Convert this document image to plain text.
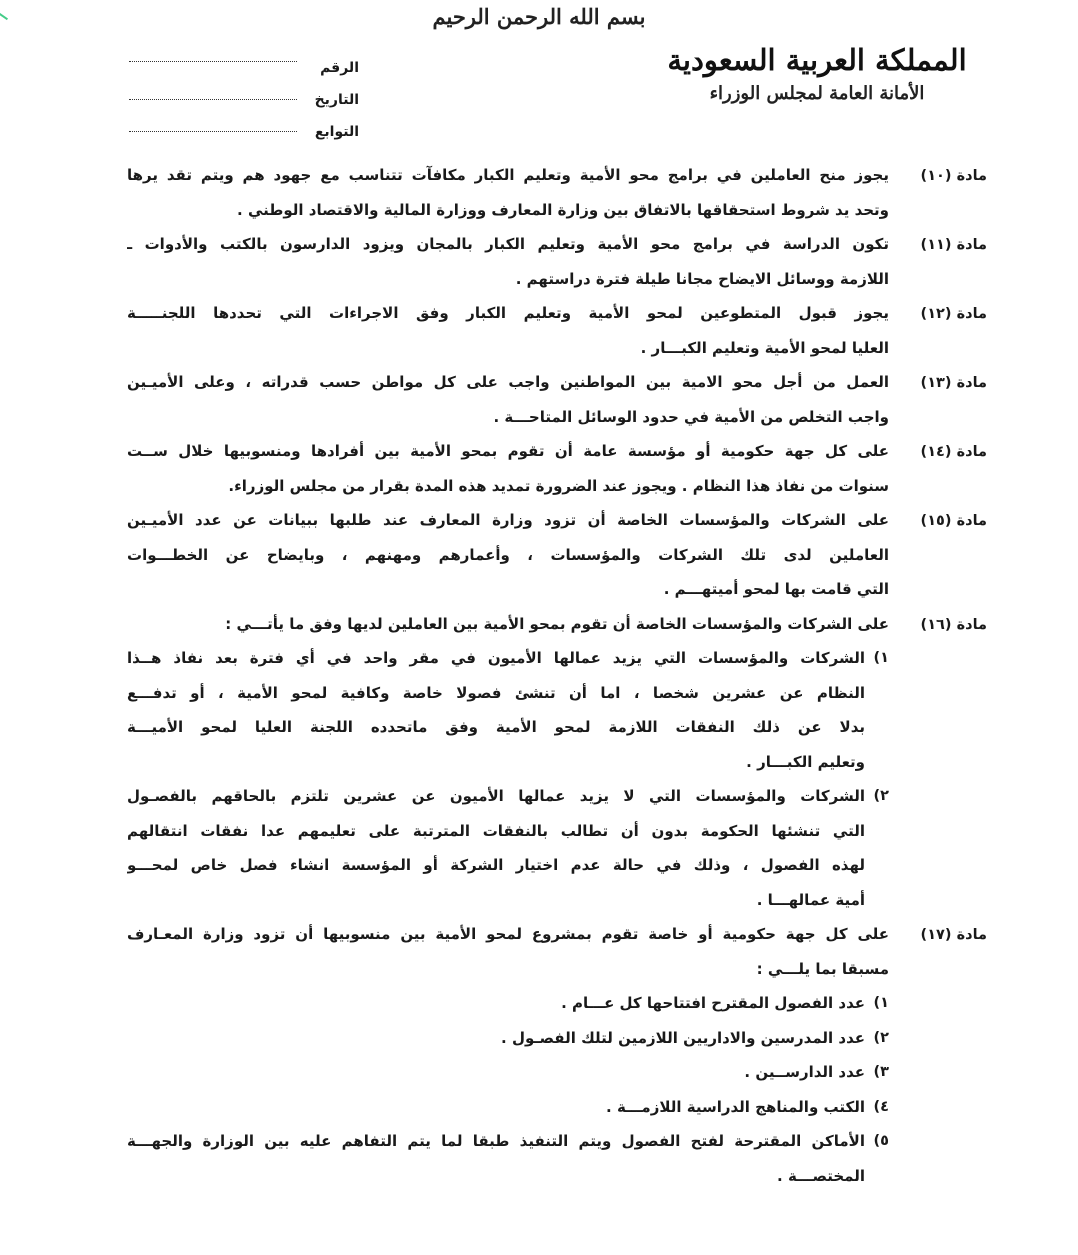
بسم الله الرحمن الرحيم
المملكة العربية السعودية
الأمانة العامة لمجلس الوزراء
الرقم
التاريخ
التوابع
مادة (١٠)
يجوز منح العاملين في برامج محو الأمية وتعليم الكبار مكافآت تتناسب مع جهود هم ويتم تقد يرها
وتحد يد شروط استحقاقها بالاتفاق بين وزارة المعارف ووزارة المالية والاقتصاد الوطني .
مادة (١١)
تكون الدراسة في برامج محو الأمية وتعليم الكبار بالمجان ويزود الدارسون بالكتب والأدوات ـ
اللازمة ووسائل الايضاح مجانا طيلة فترة دراستهم .
مادة (١٢)
يجوز قبول المتطوعين لمحو الأمية وتعليم الكبار وفق الاجراءات التي تحددها اللجنـــــة
العليا لمحو الأمية وتعليم الكبـــار .
مادة (١٣)
العمل من أجل محو الامية بين المواطنين واجب على كل مواطن حسب قدراته ، وعلى الأميـين
واجب التخلص من الأمية في حدود الوسائل المتاحـــة .
مادة (١٤)
على كل جهة حكومية أو مؤسسة عامة أن تقوم بمحو الأمية بين أفرادها ومنسوبيها خلال ســت
سنوات من نفاذ هذا النظام . ويجوز عند الضرورة تمديد هذه المدة بقرار من مجلس الوزراء.
مادة (١٥)
على الشركات والمؤسسات الخاصة أن تزود وزارة المعارف عند طلبها ببيانات عن عدد الأميـين
العاملين لدى تلك الشركات والمؤسسات ، وأعمارهم ومهنهم ، وبايضاح عن الخطـــوات
التي قامت بها لمحو أميتهـــم .
مادة (١٦)
على الشركات والمؤسسات الخاصة أن تقوم بمحو الأمية بين العاملين لديها وفق ما يأتـــي :
١)
الشركات والمؤسسات التي يزيد عمالها الأميون في مقر واحد في أي فترة بعد نفاذ هــذا
النظام عن عشرين شخصا ، اما أن تنشئ فصولا خاصة وكافية لمحو الأمية ، أو تدفـــع
بدلا عن ذلك النفقات اللازمة لمحو الأمية وفق ماتحدده اللجنة العليا لمحو الأميـــة
وتعليم الكبـــار .
٢)
الشركات والمؤسسات التي لا يزيد عمالها الأميون عن عشرين تلتزم بالحاقهم بالفصـول
التي تنشئها الحكومة بدون أن تطالب بالنفقات المترتبة على تعليمهم عدا نفقات انتقالهم
لهذه الفصول ، وذلك في حالة عدم اختيار الشركة أو المؤسسة انشاء فصل خاص لمحـــو
أمية عمالهـــا .
مادة (١٧)
على كل جهة حكومية أو خاصة تقوم بمشروع لمحو الأمية بين منسوبيها أن تزود وزارة المعـارف
مسبقا بما يلـــي :
١)
عدد الفصول المقترح افتتاحها كل عـــام .
٢)
عدد المدرسين والاداريين اللازمين لتلك الفصـول .
٣)
عدد الدارســين .
٤)
الكتب والمناهج الدراسية اللازمـــة .
٥)
الأماكن المقترحة لفتح الفصول ويتم التنفيذ طبقا لما يتم التفاهم عليه بين الوزارة والجهـــة
المختصـــة .
